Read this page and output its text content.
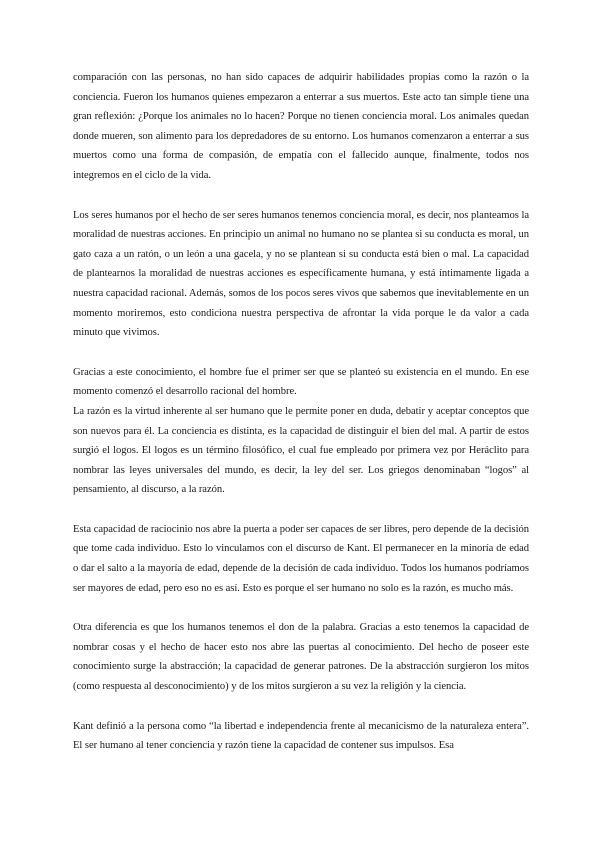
comparación con las personas, no han sido capaces de adquirir habilidades propias como la razón o la conciencia. Fueron los humanos quienes empezaron a enterrar a sus muertos. Este acto tan simple tiene una gran reflexión: ¿Porque los animales no lo hacen? Porque no tienen conciencia moral. Los animales quedan donde mueren, son alimento para los depredadores de su entorno. Los humanos comenzaron a enterrar a sus muertos como una forma de compasión, de empatía con el fallecido aunque, finalmente, todos nos integremos en el ciclo de la vida.

Los seres humanos por el hecho de ser seres humanos tenemos conciencia moral, es decir, nos planteamos la moralidad de nuestras acciones. En principio un animal no humano no se plantea si su conducta es moral, un gato caza a un ratón, o un león a una gacela, y no se plantean si su conducta está bien o mal. La capacidad de plantearnos la moralidad de nuestras acciones es específicamente humana, y está íntimamente ligada a nuestra capacidad racional. Además, somos de los pocos seres vivos que sabemos que inevitablemente en un momento moriremos, esto condiciona nuestra perspectiva de afrontar la vida porque le da valor a cada minuto que vivimos.

Gracias a este conocimiento, el hombre fue el primer ser que se planteó su existencia en el mundo. En ese momento comenzó el desarrollo racional del hombre.

La razón es la virtud inherente al ser humano que le permite poner en duda, debatir y aceptar conceptos que son nuevos para él. La conciencia es distinta, es la capacidad de distinguir el bien del mal. A partir de estos surgió el logos. El logos es un término filosófico, el cual fue empleado por primera vez por Heráclito para nombrar las leyes universales del mundo, es decir, la ley del ser. Los griegos denominaban “logos” al pensamiento, al discurso, a la razón.

Esta capacidad de raciocinio nos abre la puerta a poder ser capaces de ser libres, pero depende de la decisión que tome cada individuo. Esto lo vinculamos con el discurso de Kant. El permanecer en la minoría de edad o dar el salto a la mayoría de edad, depende de la decisión de cada individuo. Todos los humanos podríamos ser mayores de edad, pero eso no es así. Esto es porque el ser humano no solo es la razón, es mucho más.

Otra diferencia es que los humanos tenemos el don de la palabra. Gracias a esto tenemos la capacidad de nombrar cosas y el hecho de hacer esto nos abre las puertas al conocimiento. Del hecho de poseer este conocimiento surge la abstracción; la capacidad de generar patrones. De la abstracción surgieron los mitos (como respuesta al desconocimiento) y de los mitos surgieron a su vez la religión y la ciencia.

Kant definió a la persona como “la libertad e independencia frente al mecanicismo de la naturaleza entera”. El ser humano al tener conciencia y razón tiene la capacidad de contener sus impulsos. Esa
